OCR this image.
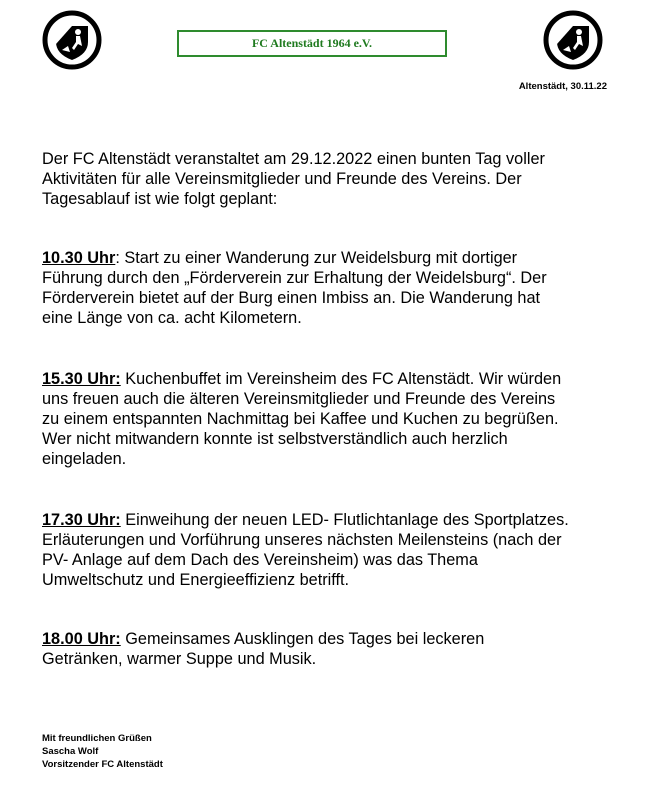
FC Altenstädt 1964 e.V.
Altenstädt, 30.11.22
Der FC Altenstädt veranstaltet am 29.12.2022 einen bunten Tag voller
Aktivitäten für alle Vereinsmitglieder und Freunde des Vereins. Der
Tagesablauf ist wie folgt geplant:
10.30 Uhr: Start zu einer Wanderung zur Weidelsburg mit dortiger
Führung durch den „Förderverein zur Erhaltung der Weidelsburg“. Der
Förderverein bietet auf der Burg einen Imbiss an. Die Wanderung hat
eine Länge von ca. acht Kilometern.
15.30 Uhr: Kuchenbuffet im Vereinsheim des FC Altenstädt. Wir würden
uns freuen auch die älteren Vereinsmitglieder und Freunde des Vereins
zu einem entspannten Nachmittag bei Kaffee und Kuchen zu begrüßen.
Wer nicht mitwandern konnte ist selbstverständlich auch herzlich
eingeladen.
17.30 Uhr: Einweihung der neuen LED- Flutlichtanlage des Sportplatzes.
Erläuterungen und Vorführung unseres nächsten Meilensteins (nach der
PV- Anlage auf dem Dach des Vereinsheim) was das Thema
Umweltschutz und Energieeffizienz betrifft.
18.00 Uhr: Gemeinsames Ausklingen des Tages bei leckeren
Getränken, warmer Suppe und Musik.
Mit freundlichen Grüßen
Sascha Wolf
Vorsitzender FC Altenstädt
